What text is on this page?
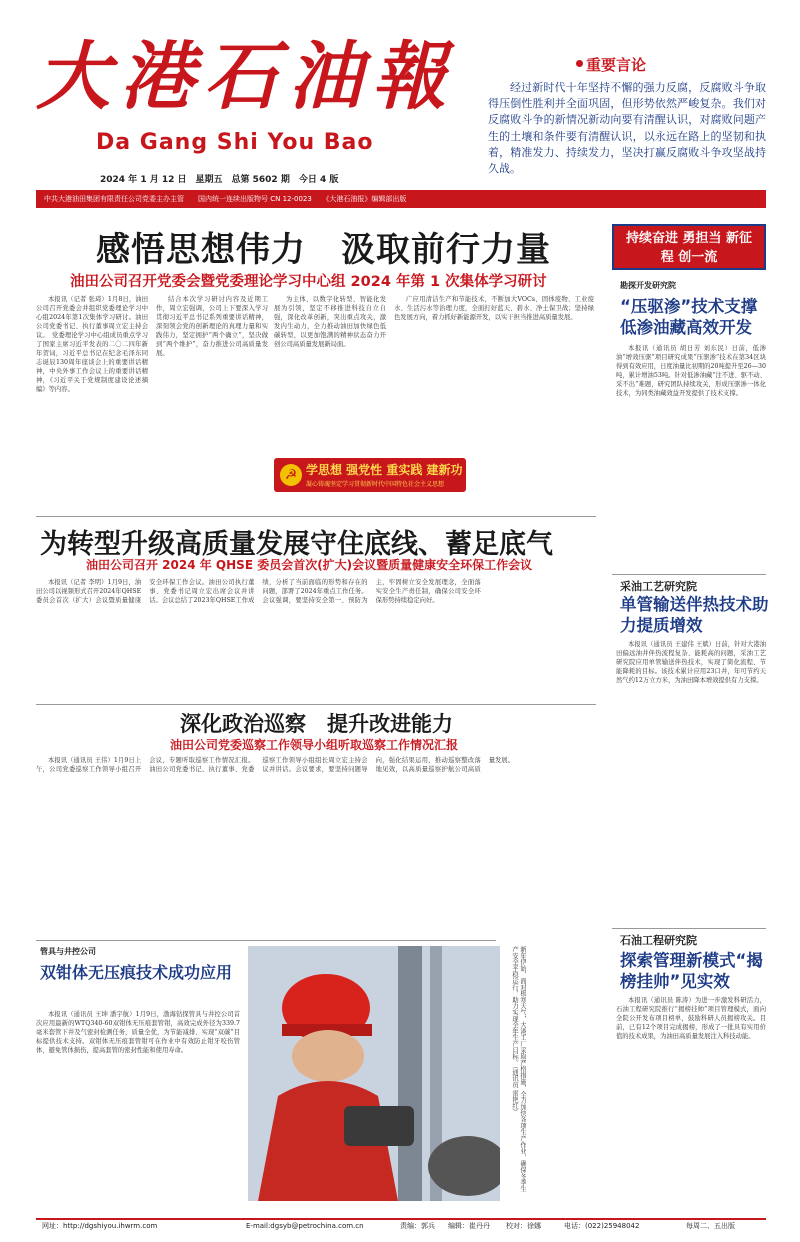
大港石油報
Da Gang Shi You Bao
2024 年 1 月 12 日　星期五　总第 5602 期　今日 4 版
中共大港油田集团有限责任公司党委主办主管　　国内统一连续出版物号 CN 12-0023　　《大港石油报》编辑部出版
重要言论
经过新时代十年坚持不懈的强力反腐，反腐败斗争取得压倒性胜利并全面巩固，但形势依然严峻复杂。我们对反腐败斗争的新情况新动向要有清醒认识，对腐败问题产生的土壤和条件要有清醒认识，以永远在路上的坚韧和执着，精准发力、持续发力，坚决打赢反腐败斗争攻坚战持久战。
感悟思想伟力　汲取前行力量
油田公司召开党委会暨党委理论学习中心组 2024 年第 1 次集体学习研讨
本报讯（记者 张琦）1月8日，油田公司召开党委会并组织党委理论学习中心组2024年第1次集体学习研讨。油田公司党委书记、执行董事周立宏主持会议。　党委理论学习中心组成员重点学习了国家主席习近平发表的二〇二四年新年贺词，习近平总书记在纪念毛泽东同志诞辰130周年座谈会上的重要讲话精神，中央外事工作会议上的重要讲话精神，《习近平关于党规制度建设论述摘编》等内容。
结合本次学习研讨内容及近期工作，周立宏强调，公司上下要深入学习贯彻习近平总书记系列重要讲话精神，深刻领会党的创新理论的真理力量和实践伟力，坚定拥护“两个确立”，坚决做到“两个维护”，奋力推进公司高质量发展。
为主体、以数字化转型、智能化发展为引领，坚定不移推进科技自立自强，深化改革创新，突出重点攻关，激发内生动力，全力推动油田加快绿色低碳转型，以更加饱满的精神状态奋力开创公司高质量发展新局面。
广应用清洁生产和节能技术，不断加大VOCs、固体废物、工业废水、生活污水等治理力度，全面打好蓝天、碧水、净土保卫战；坚持绿色发展方向，着力抓好新能源开发，以实干担当推进高质量发展。
☭ 学思想 强党性 重实践 建新功
凝心铸魂坚定学习贯彻新时代中国特色社会主义思想
为转型升级高质量发展守住底线、蓄足底气
油田公司召开 2024 年 QHSE 委员会首次(扩大)会议暨质量健康安全环保工作会议
本报讯（记者 李明）1月9日，油田公司以视频形式召开2024年QHSE委员会首次（扩大）会议暨质量健康安全环保工作会议。油田公司执行董事、党委书记周立宏出席会议并讲话。会议总结了2023年QHSE工作成绩，分析了当前面临的形势和存在的问题，部署了2024年重点工作任务。会议强调，要坚持安全第一、预防为主，牢固树立安全发展理念，全面落实安全生产责任制，确保公司安全环保形势持续稳定向好。
深化政治巡察　提升改进能力
油田公司党委巡察工作领导小组听取巡察工作情况汇报
本报讯（通讯员 王伟）1月9日上午，公司党委巡察工作领导小组召开会议，专题听取巡察工作情况汇报。油田公司党委书记、执行董事、党委巡察工作领导小组组长周立宏主持会议并讲话。会议要求，要坚持问题导向，强化结果运用，推动巡察整改落地见效，以高质量巡察护航公司高质量发展。
管具与井控公司
双钳体无压痕技术成功应用
本报讯（通讯员 王坤 潘宇航）1月9日，渤海钻探管具与井控公司首次应用最新的WTQ340-60双钳体无压痕套管钳，高效完成外径为339.7毫米套管下井及气密封检测任务，质量全优，为节能减排、实现“双碳”目标提供技术支持。双钳体无压痕套管钳可在作业中有效防止钳牙咬伤管体，避免管体损伤，提高套管的密封性能和使用寿命。	新年伊始，面对极寒天气，大港工厂采取严格措施，全力加快各项生产作业，确保冬季生产安全平稳运行，助力实现全年生产目标。（通讯员 雷艳红）
持续奋进 勇担当 新征程 创一流
勘探开发研究院
“压驱渗”技术支撑低渗油藏高效开发
本报讯（通讯员 胡日芳 刘东民）日前，低渗油“增效压驱”项目研究成果“压驱渗”技术在第34区块得到有效应用，日度油量比初期的20吨提升至26—30吨，累计增油53吨。针对低渗油藏“注不进、驱不动、采不出”难题，研究团队持续攻关，形成压驱渗一体化技术，为同类油藏效益开发提供了技术支撑。
采油工艺研究院
单管输送伴热技术助力提质增效
本报讯（通讯员 王建伟 王斌）日前，针对大港油田偏远油井伴热流程复杂、能耗高的问题，采油工艺研究院应用单管输送伴热技术，实现了简化流程、节能降耗的目标。该技术累计应用23口井，年可节约天然气约12万立方米，为油田降本增效提供有力支撑。
石油工程研究院
探索管理新模式“揭榜挂帅”见实效
本报讯（通讯员 陈涛）为进一步激发科研活力，石油工程研究院推行“揭榜挂帅”项目管理模式，面向全院公开发布项目榜单，鼓励科研人员揭榜攻关。目前，已有12个项目完成揭榜，形成了一批具有实用价值的技术成果，为油田高质量发展注入科技动能。
网址：http://dgshiyou.ihwrm.com	E-mail:dgsyb@petrochina.com.cn	责编：郭兵 编辑：崔丹丹 校对：徐娜	电话：(022)25948042	每周二、五出版
